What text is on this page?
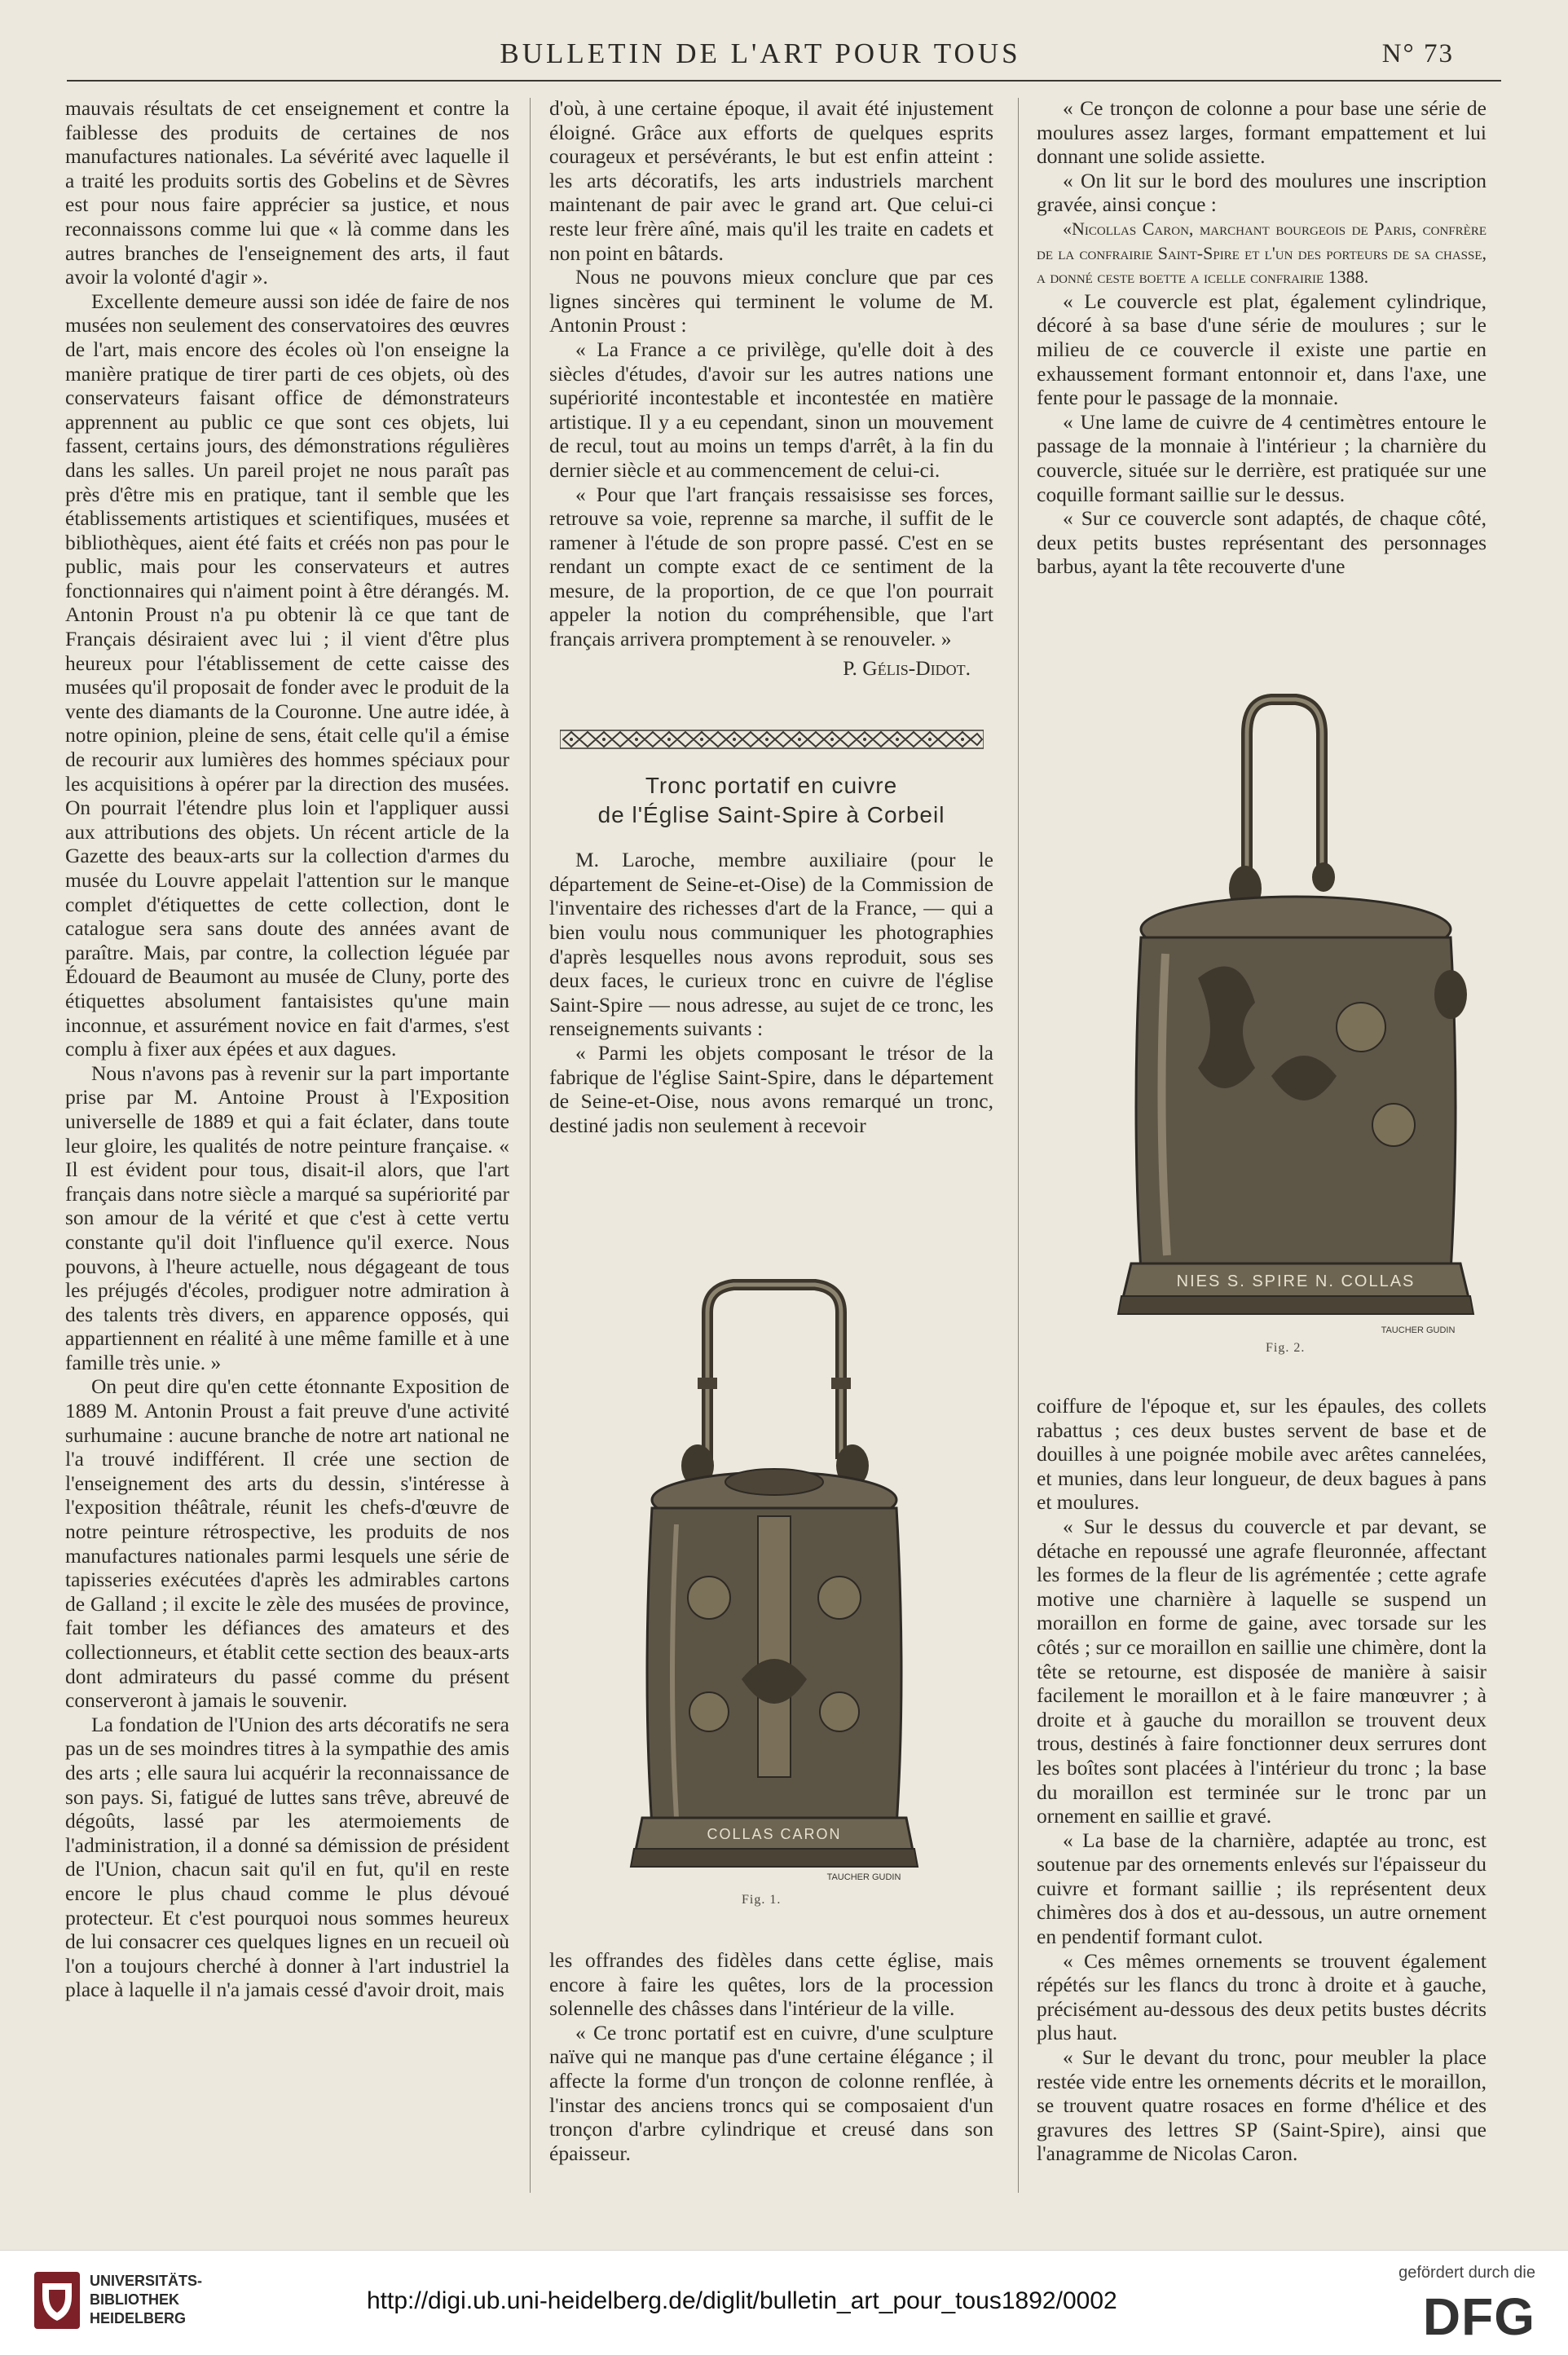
BULLETIN DE L'ART POUR TOUS	N° 73

mauvais résultats de cet enseignement et contre la faiblesse des produits de certaines de nos manufactures nationales. La sévérité avec laquelle il a traité les produits sortis des Gobelins et de Sèvres est pour nous faire apprécier sa justice, et nous reconnaissons comme lui que « là comme dans les autres branches de l'enseignement des arts, il faut avoir la volonté d'agir ».

Excellente demeure aussi son idée de faire de nos musées non seulement des conservatoires des œuvres de l'art, mais encore des écoles où l'on enseigne la manière pratique de tirer parti de ces objets, où des conservateurs faisant office de démonstrateurs apprennent au public ce que sont ces objets, lui fassent, certains jours, des démonstrations régulières dans les salles. Un pareil projet ne nous paraît pas près d'être mis en pratique, tant il semble que les établissements artistiques et scientifiques, musées et bibliothèques, aient été faits et créés non pas pour le public, mais pour les conservateurs et autres fonctionnaires qui n'aiment point à être dérangés. M. Antonin Proust n'a pu obtenir là ce que tant de Français désiraient avec lui ; il vient d'être plus heureux pour l'établissement de cette caisse des musées qu'il proposait de fonder avec le produit de la vente des diamants de la Couronne. Une autre idée, à notre opinion, pleine de sens, était celle qu'il a émise de recourir aux lumières des hommes spéciaux pour les acquisitions à opérer par la direction des musées. On pourrait l'étendre plus loin et l'appliquer aussi aux attributions des objets. Un récent article de la Gazette des beaux-arts sur la collection d'armes du musée du Louvre appelait l'attention sur le manque complet d'étiquettes de cette collection, dont le catalogue sera sans doute des années avant de paraître. Mais, par contre, la collection léguée par Édouard de Beaumont au musée de Cluny, porte des étiquettes absolument fantaisistes qu'une main inconnue, et assurément novice en fait d'armes, s'est complu à fixer aux épées et aux dagues.

Nous n'avons pas à revenir sur la part importante prise par M. Antoine Proust à l'Exposition universelle de 1889 et qui a fait éclater, dans toute leur gloire, les qualités de notre peinture française. « Il est évident pour tous, disait-il alors, que l'art français dans notre siècle a marqué sa supériorité par son amour de la vérité et que c'est à cette vertu constante qu'il doit l'influence qu'il exerce. Nous pouvons, à l'heure actuelle, nous dégageant de tous les préjugés d'écoles, prodiguer notre admiration à des talents très divers, en apparence opposés, qui appartiennent en réalité à une même famille et à une famille très unie. »

On peut dire qu'en cette étonnante Exposition de 1889 M. Antonin Proust a fait preuve d'une activité surhumaine : aucune branche de notre art national ne l'a trouvé indifférent. Il crée une section de l'enseignement des arts du dessin, s'intéresse à l'exposition théâtrale, réunit les chefs-d'œuvre de notre peinture rétrospective, les produits de nos manufactures nationales parmi lesquels une série de tapisseries exécutées d'après les admirables cartons de Galland ; il excite le zèle des musées de province, fait tomber les défiances des amateurs et des collectionneurs, et établit cette section des beaux-arts dont admirateurs du passé comme du présent conserveront à jamais le souvenir.

La fondation de l'Union des arts décoratifs ne sera pas un de ses moindres titres à la sympathie des amis des arts ; elle saura lui acquérir la reconnaissance de son pays. Si, fatigué de luttes sans trêve, abreuvé de dégoûts, lassé par les atermoiements de l'administration, il a donné sa démission de président de l'Union, chacun sait qu'il en fut, qu'il en reste encore le plus chaud comme le plus dévoué protecteur. Et c'est pourquoi nous sommes heureux de lui consacrer ces quelques lignes en un recueil où l'on a toujours cherché à donner à l'art industriel la place à laquelle il n'a jamais cessé d'avoir droit, mais

d'où, à une certaine époque, il avait été injustement éloigné. Grâce aux efforts de quelques esprits courageux et persévérants, le but est enfin atteint : les arts décoratifs, les arts industriels marchent maintenant de pair avec le grand art. Que celui-ci reste leur frère aîné, mais qu'il les traite en cadets et non point en bâtards.

Nous ne pouvons mieux conclure que par ces lignes sincères qui terminent le volume de M. Antonin Proust :

« La France a ce privilège, qu'elle doit à des siècles d'études, d'avoir sur les autres nations une supériorité incontestable et incontestée en matière artistique. Il y a eu cependant, sinon un mouvement de recul, tout au moins un temps d'arrêt, à la fin du dernier siècle et au commencement de celui-ci.

« Pour que l'art français ressaisisse ses forces, retrouve sa voie, reprenne sa marche, il suffit de le ramener à l'étude de son propre passé. C'est en se rendant un compte exact de ce sentiment de la mesure, de la proportion, de ce que l'on pourrait appeler la notion du compréhensible, que l'art français arrivera promptement à se renouveler. »

P. Gélis-Didot.
Tronc portatif en cuivre
de l'Église Saint-Spire à Corbeil

M. Laroche, membre auxiliaire (pour le département de Seine-et-Oise) de la Commission de l'inventaire des richesses d'art de la France, — qui a bien voulu nous communiquer les photographies d'après lesquelles nous avons reproduit, sous ses deux faces, le curieux tronc en cuivre de l'église Saint-Spire — nous adresse, au sujet de ce tronc, les renseignements suivants :

« Parmi les objets composant le trésor de la fabrique de l'église Saint-Spire, dans le département de Seine-et-Oise, nous avons remarqué un tronc, destiné jadis non seulement à recevoir

COLLAS CARON
TAUCHER GUDIN
Fig. 1.

les offrandes des fidèles dans cette église, mais encore à faire les quêtes, lors de la procession solennelle des châsses dans l'intérieur de la ville.

« Ce tronc portatif est en cuivre, d'une sculpture naïve qui ne manque pas d'une certaine élégance ; il affecte la forme d'un tronçon de colonne renflée, à l'instar des anciens troncs qui se composaient d'un tronçon d'arbre cylindrique et creusé dans son épaisseur.

« Ce tronçon de colonne a pour base une série de moulures assez larges, formant empattement et lui donnant une solide assiette.

« On lit sur le bord des moulures une inscription gravée, ainsi conçue :

«Nicollas Caron, marchant bourgeois de Paris, confrère de la confrairie Saint-Spire et l'un des porteurs de sa chasse, a donné ceste boette a icelle confrairie 1388.

« Le couvercle est plat, également cylindrique, décoré à sa base d'une série de moulures ; sur le milieu de ce couvercle il existe une partie en exhaussement formant entonnoir et, dans l'axe, une fente pour le passage de la monnaie.

« Une lame de cuivre de 4 centimètres entoure le passage de la monnaie à l'intérieur ; la charnière du couvercle, située sur le derrière, est pratiquée sur une coquille formant saillie sur le dessus.

« Sur ce couvercle sont adaptés, de chaque côté, deux petits bustes représentant des personnages barbus, ayant la tête recouverte d'une

NIES S. SPIRE N. COLLAS
TAUCHER GUDIN
Fig. 2.

coiffure de l'époque et, sur les épaules, des collets rabattus ; ces deux bustes servent de base et de douilles à une poignée mobile avec arêtes cannelées, et munies, dans leur longueur, de deux bagues à pans et moulures.

« Sur le dessus du couvercle et par devant, se détache en repoussé une agrafe fleuronnée, affectant les formes de la fleur de lis agrémentée ; cette agrafe motive une charnière à laquelle se suspend un moraillon en forme de gaine, avec torsade sur les côtés ; sur ce moraillon en saillie une chimère, dont la tête se retourne, est disposée de manière à saisir facilement le moraillon et à le faire manœuvrer ; à droite et à gauche du moraillon se trouvent deux trous, destinés à faire fonctionner deux serrures dont les boîtes sont placées à l'intérieur du tronc ; la base du moraillon est terminée sur le tronc par un ornement en saillie et gravé.

« La base de la charnière, adaptée au tronc, est soutenue par des ornements enlevés sur l'épaisseur du cuivre et formant saillie ; ils représentent deux chimères dos à dos et au-dessous, un autre ornement en pendentif formant culot.

« Ces mêmes ornements se trouvent également répétés sur les flancs du tronc à droite et à gauche, précisément au-dessous des deux petits bustes décrits plus haut.

« Sur le devant du tronc, pour meubler la place restée vide entre les ornements décrits et le moraillon, se trouvent quatre rosaces en forme d'hélice et des gravures des lettres SP (Saint-Spire), ainsi que l'anagramme de Nicolas Caron.

UNIVERSITÄTS-
BIBLIOTHEK
HEIDELBERG
http://digi.ub.uni-heidelberg.de/diglit/bulletin_art_pour_tous1892/0002
gefördert durch die
DFG
